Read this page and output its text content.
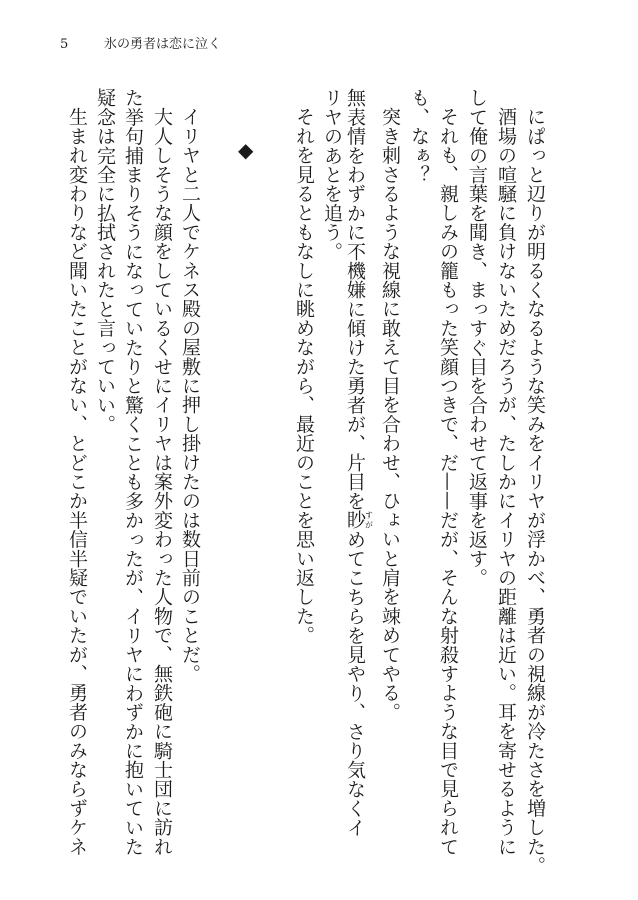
5	氷の勇者は恋に泣く
にぱっと辺りが明るくなるような笑みをイリヤが浮かべ、勇者の視線が冷たさを増した。
酒場の喧騒に負けないためだろうが、たしかにイリヤの距離は近い。耳を寄せるように
して俺の言葉を聞き、まっすぐ目を合わせて返事を返す。
それも、親しみの籠もった笑顔つきで、だ——だが、そんな射殺すような目で見られて
も、なぁ？
突き刺さるような視線に敢えて目を合わせ、ひょいと肩を竦めてやる。
無表情をわずかに不機嫌に傾けた勇者が、片目を眇すがめてこちらを見やり、さり気なくイ
リヤのあとを追う。
それを見るともなしに眺めながら、最近のことを思い返した。
◆
イリヤと二人でケネス殿の屋敷に押し掛けたのは数日前のことだ。
大人しそうな顔をしているくせにイリヤは案外変わった人物で、無鉄砲に騎士団に訪れ
た挙句捕まりそうになっていたりと驚くことも多かったが、イリヤにわずかに抱いていた
疑念は完全に払拭されたと言っていい。
生まれ変わりなど聞いたことがない、とどこか半信半疑でいたが、勇者のみならずケネ
